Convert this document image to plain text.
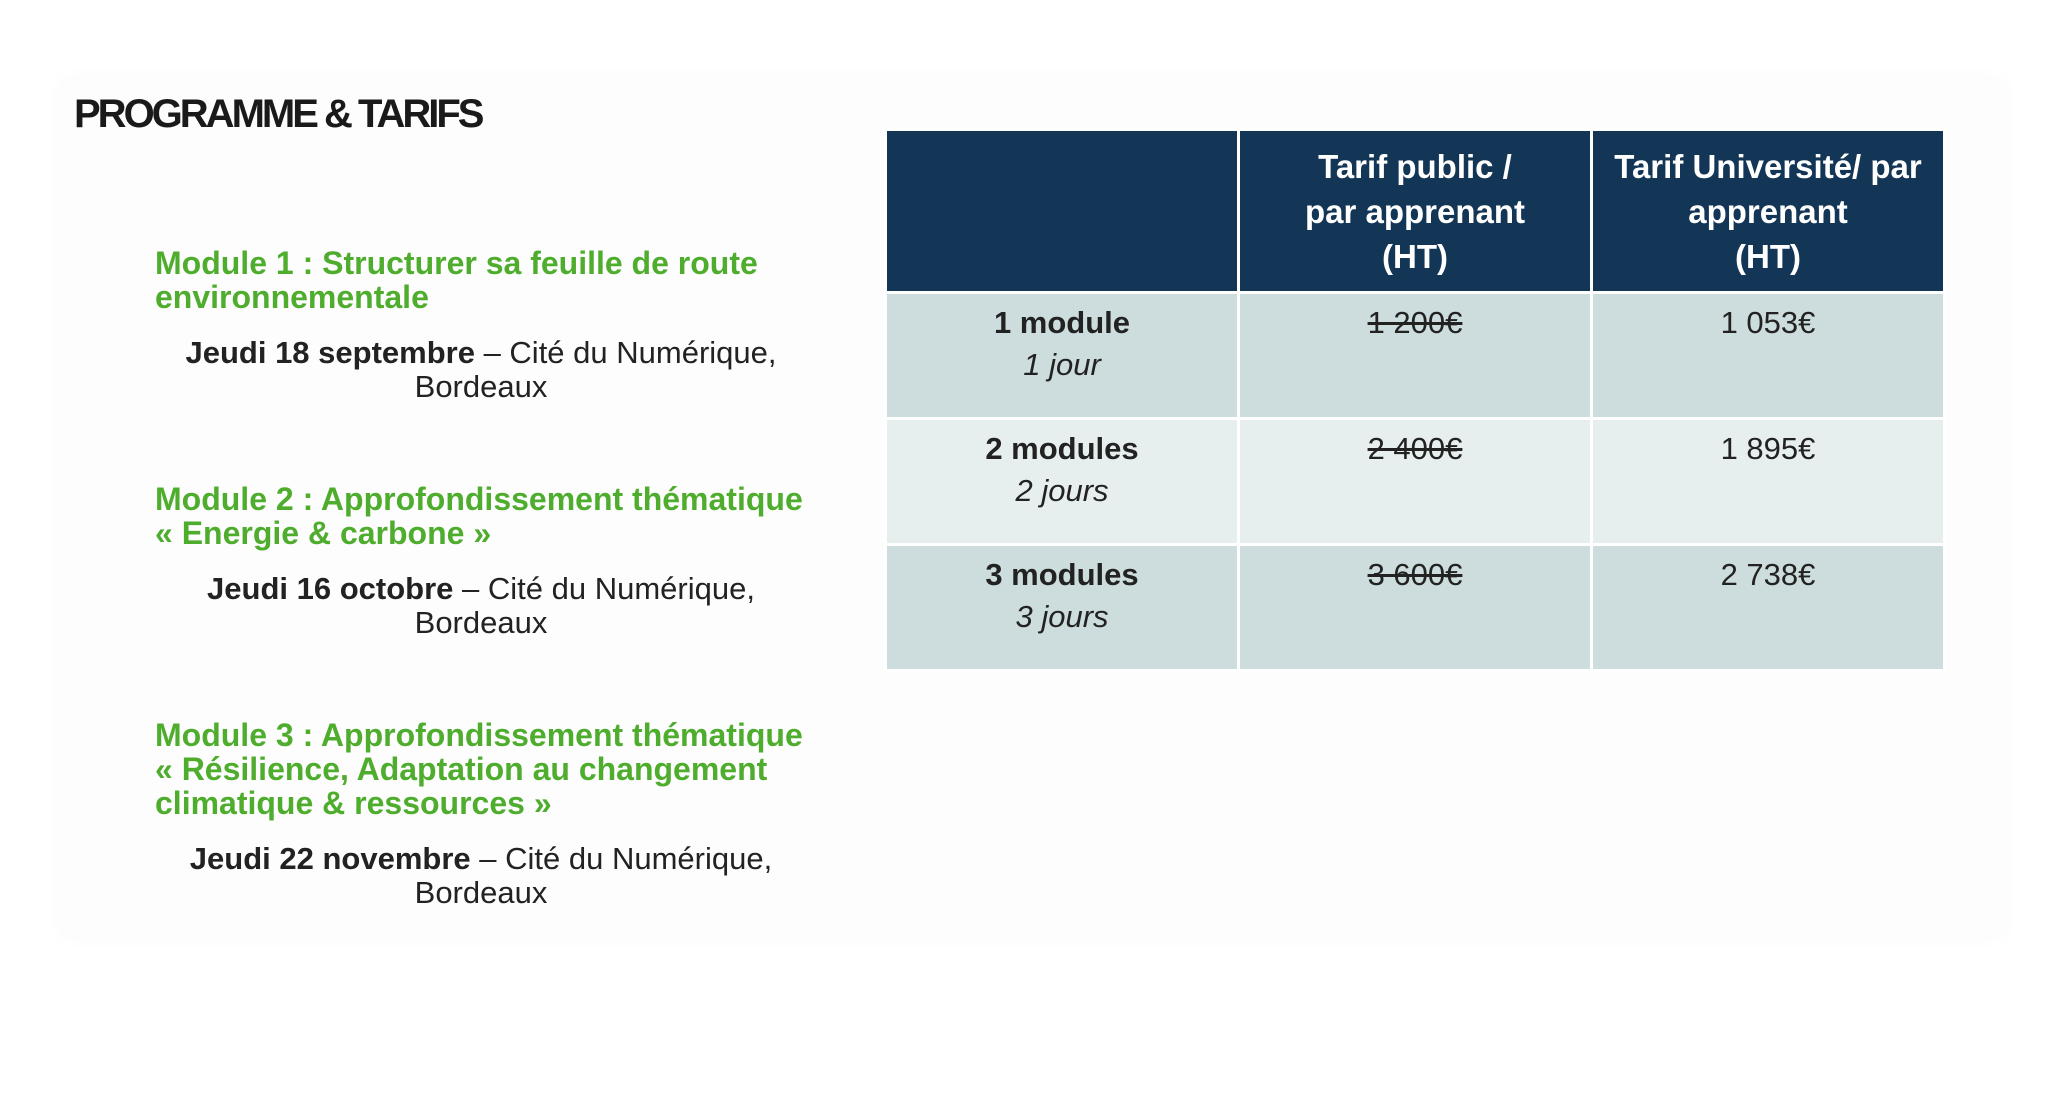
PROGRAMME & TARIFS
Module 1 : Structurer sa feuille de route
environnementale
Jeudi 18 septembre – Cité du Numérique,
Bordeaux
Module 2 : Approfondissement thématique
« Energie & carbone »
Jeudi 16 octobre – Cité du Numérique,
Bordeaux
Module 3 : Approfondissement thématique
« Résilience, Adaptation au changement
climatique & ressources »
Jeudi 22 novembre – Cité du Numérique,
Bordeaux

	Tarif public /
par apprenant
(HT)	Tarif Université/ par
apprenant
(HT)

1 module
1 jour	1 200€	1 053€

2 modules
2 jours	2 400€	1 895€

3 modules
3 jours	3 600€	2 738€
